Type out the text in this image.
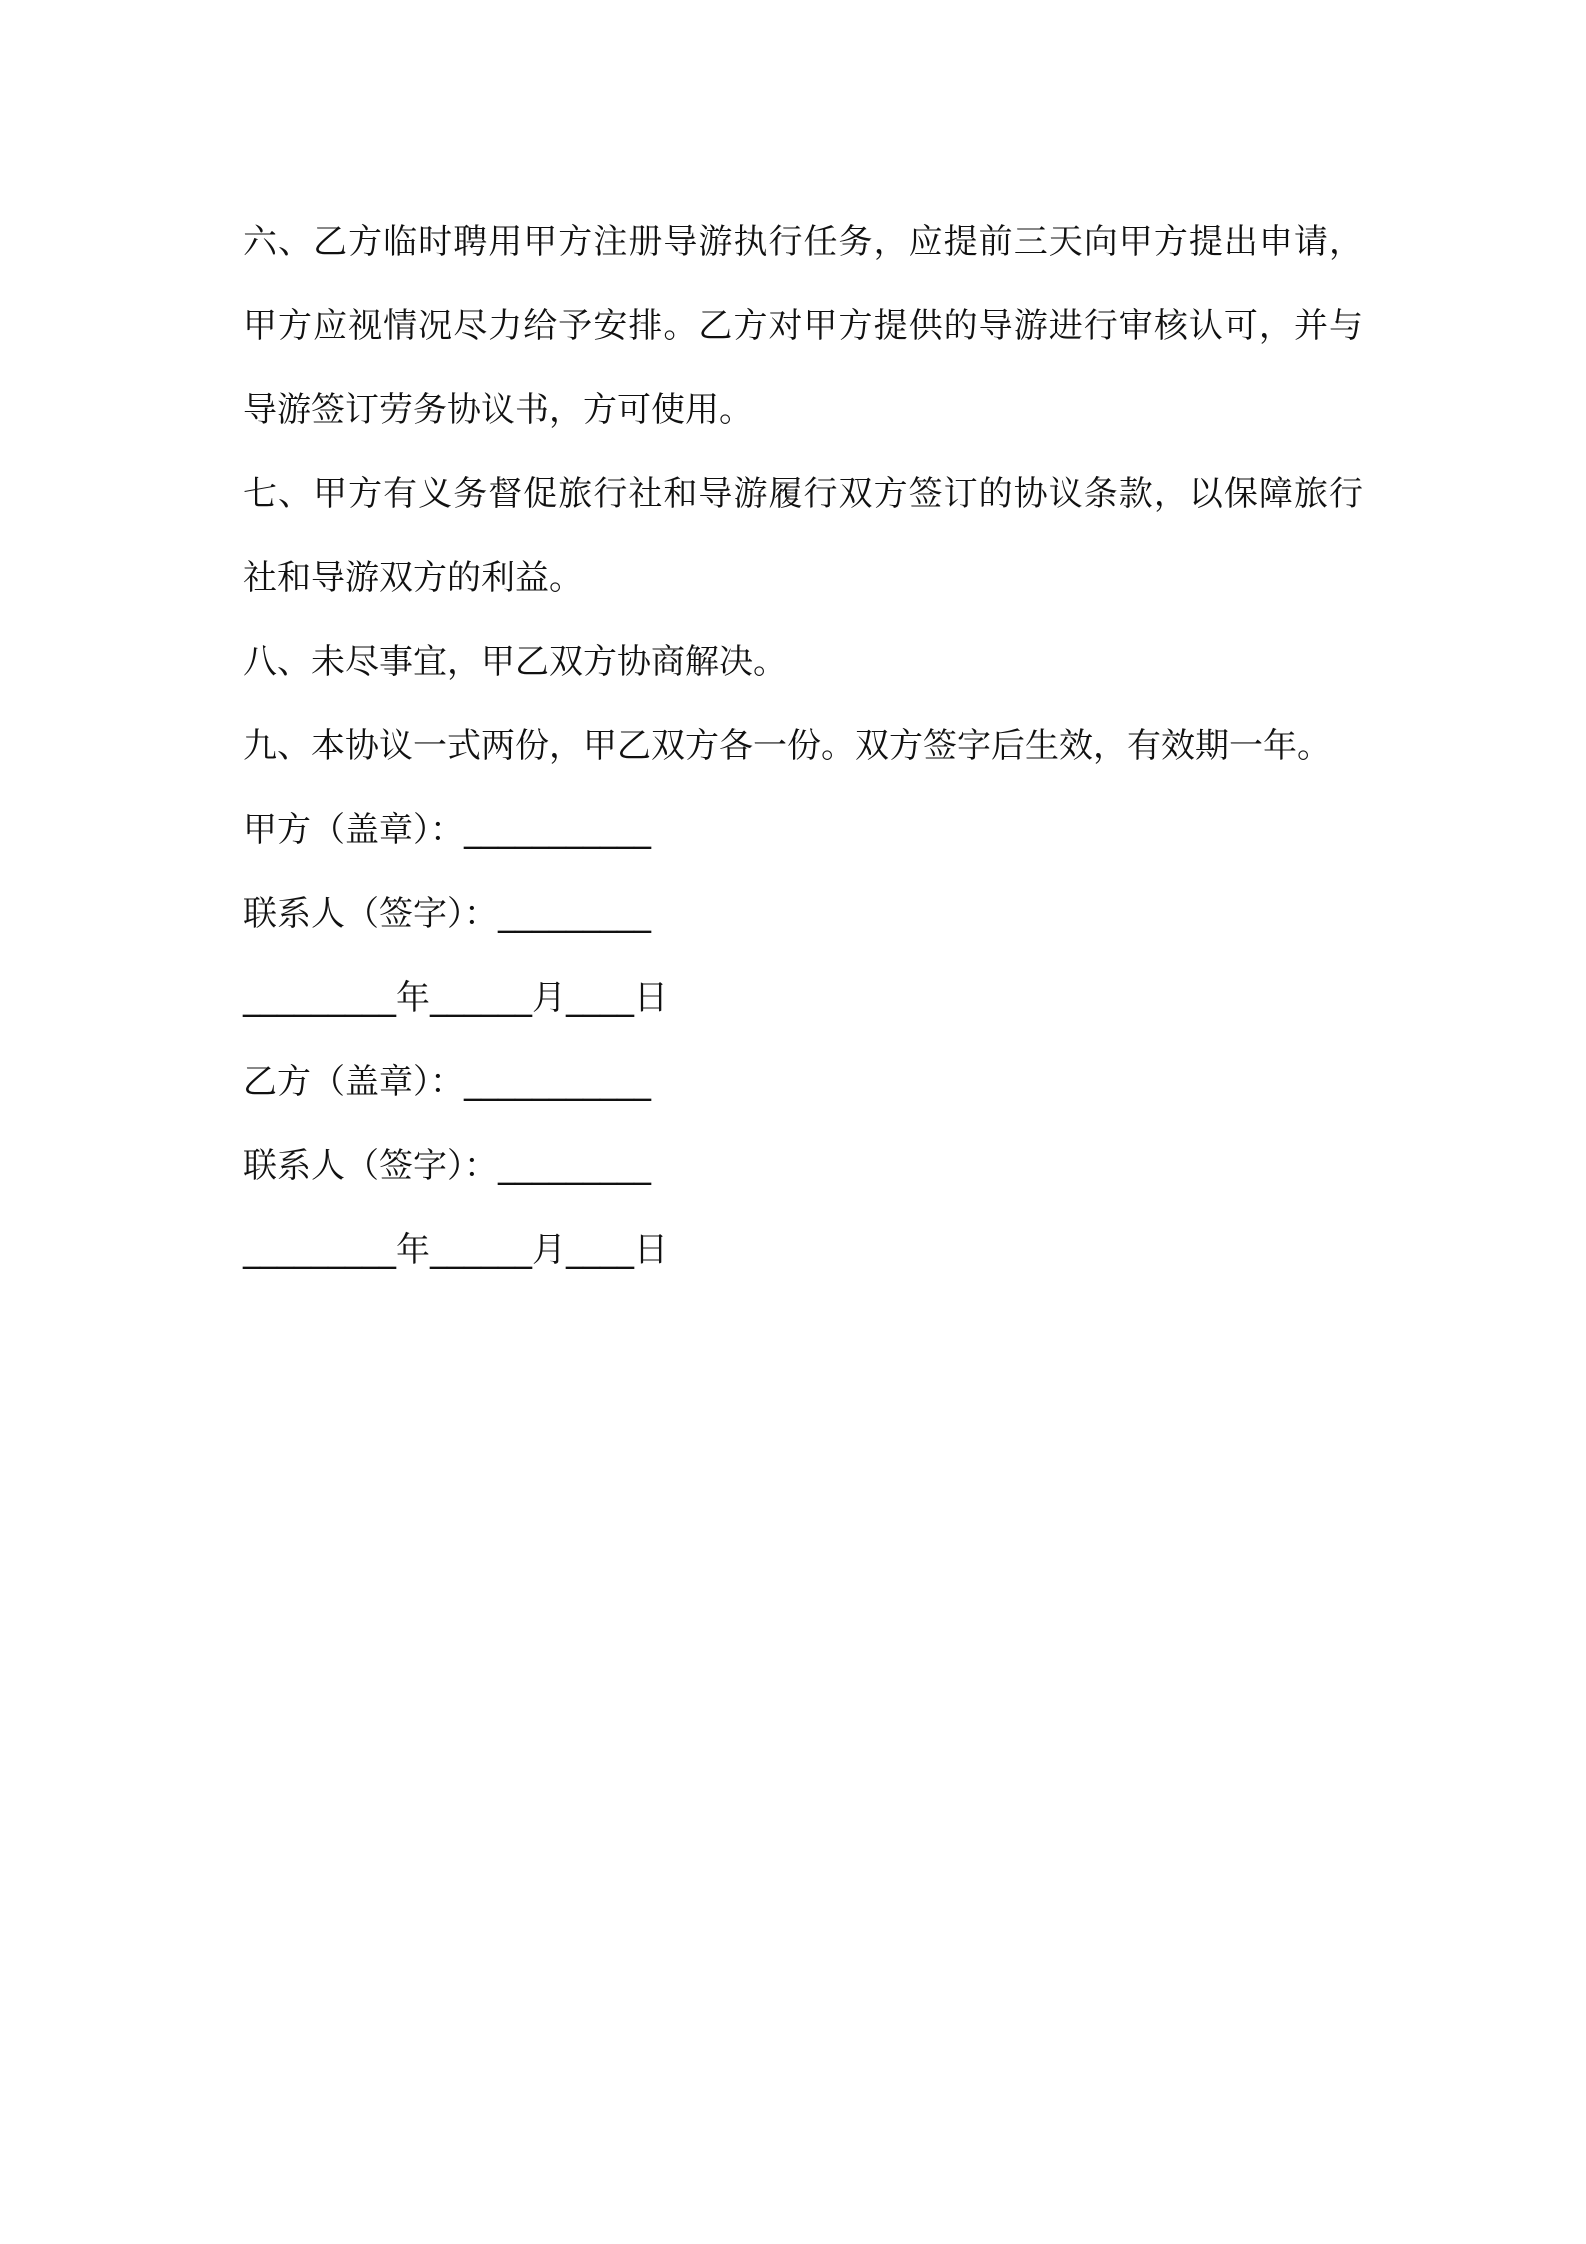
六、乙方临时聘用甲方注册导游执行任务，应提前三天向甲方提出申请，甲方应视情况尽力给予安排。乙方对甲方提供的导游进行审核认可，并与导游签订劳务协议书，方可使用。

七、甲方有义务督促旅行社和导游履行双方签订的协议条款，以保障旅行社和导游双方的利益。

八、未尽事宜，甲乙双方协商解决。

九、本协议一式两份，甲乙双方各一份。双方签字后生效，有效期一年。

甲方（盖章）：___________

联系人（签字）：_________

_________年______月____日

乙方（盖章）：___________

联系人（签字）：_________

_________年______月____日
